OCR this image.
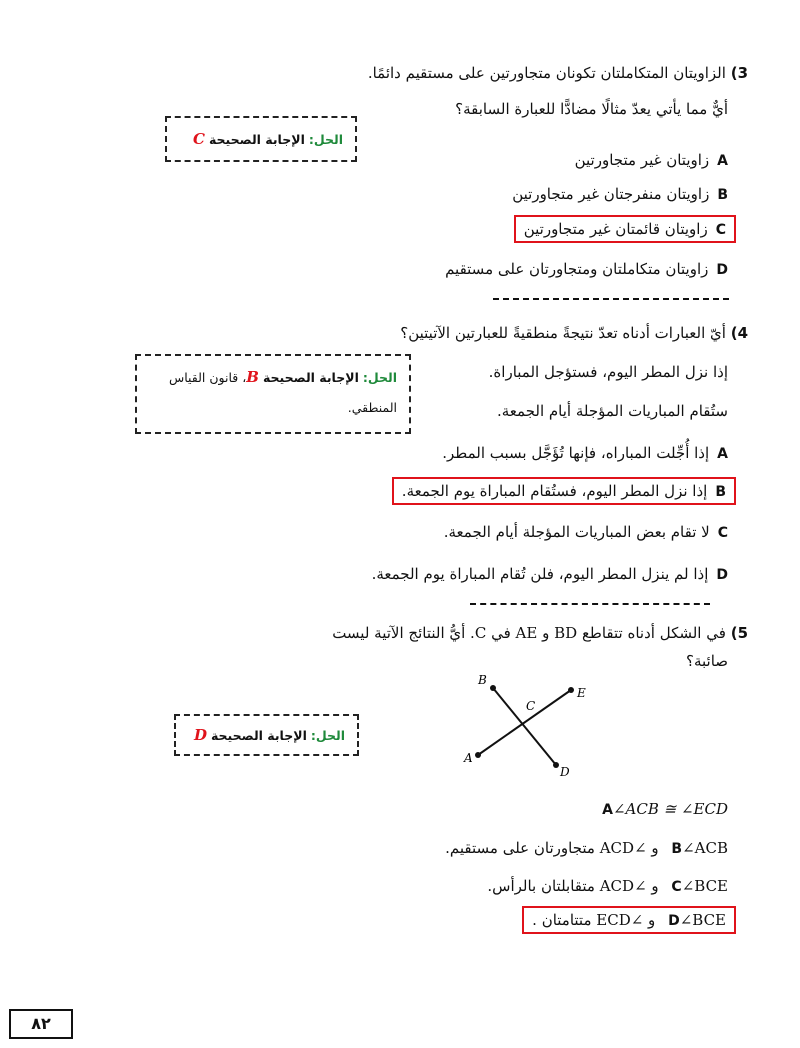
3) الزاويتان المتكاملتان تكونان متجاورتين على مستقيم دائمًا.
أيٌّ مما يأتي يعدّ مثالًا مضادًّا للعبارة السابقة؟
الحل: الإجابة الصحيحة C
Aزاويتان غير متجاورتين
Bزاويتان منفرجتان غير متجاورتين
Cزاويتان قائمتان غير متجاورتين
Dزاويتان متكاملتان ومتجاورتان على مستقيم
4) أيّ العبارات أدناه تعدّ نتيجةً منطقيةً للعبارتين الآتيتين؟
إذا نزل المطر اليوم، فستؤجل المباراة.
ستُقام المباريات المؤجلة أيام الجمعة.
الحل: الإجابة الصحيحة B، قانون القياس المنطقي.
Aإذا أُجِّلت المباراه، فإنها تُؤَجَّل بسبب المطر.
Bإذا نزل المطر اليوم، فستُقام المباراة يوم الجمعة.
Cلا تقام بعض المباريات المؤجلة أيام الجمعة.
Dإذا لم ينزل المطر اليوم، فلن تُقام المباراة يوم الجمعة.
5) في الشكل أدناه تتقاطع BD و AE في C. أيُّ النتائج الآتية ليست
صائبة؟
B
C
E
A
D
الحل: الإجابة الصحيحة D
A∠ACB ≅ ∠ECD
B∠ACB و ∠ACD متجاورتان على مستقيم.
C∠BCE و ∠ACD متقابلتان بالرأس.
D∠BCE و ∠ECD متتامتان .
٨٢
